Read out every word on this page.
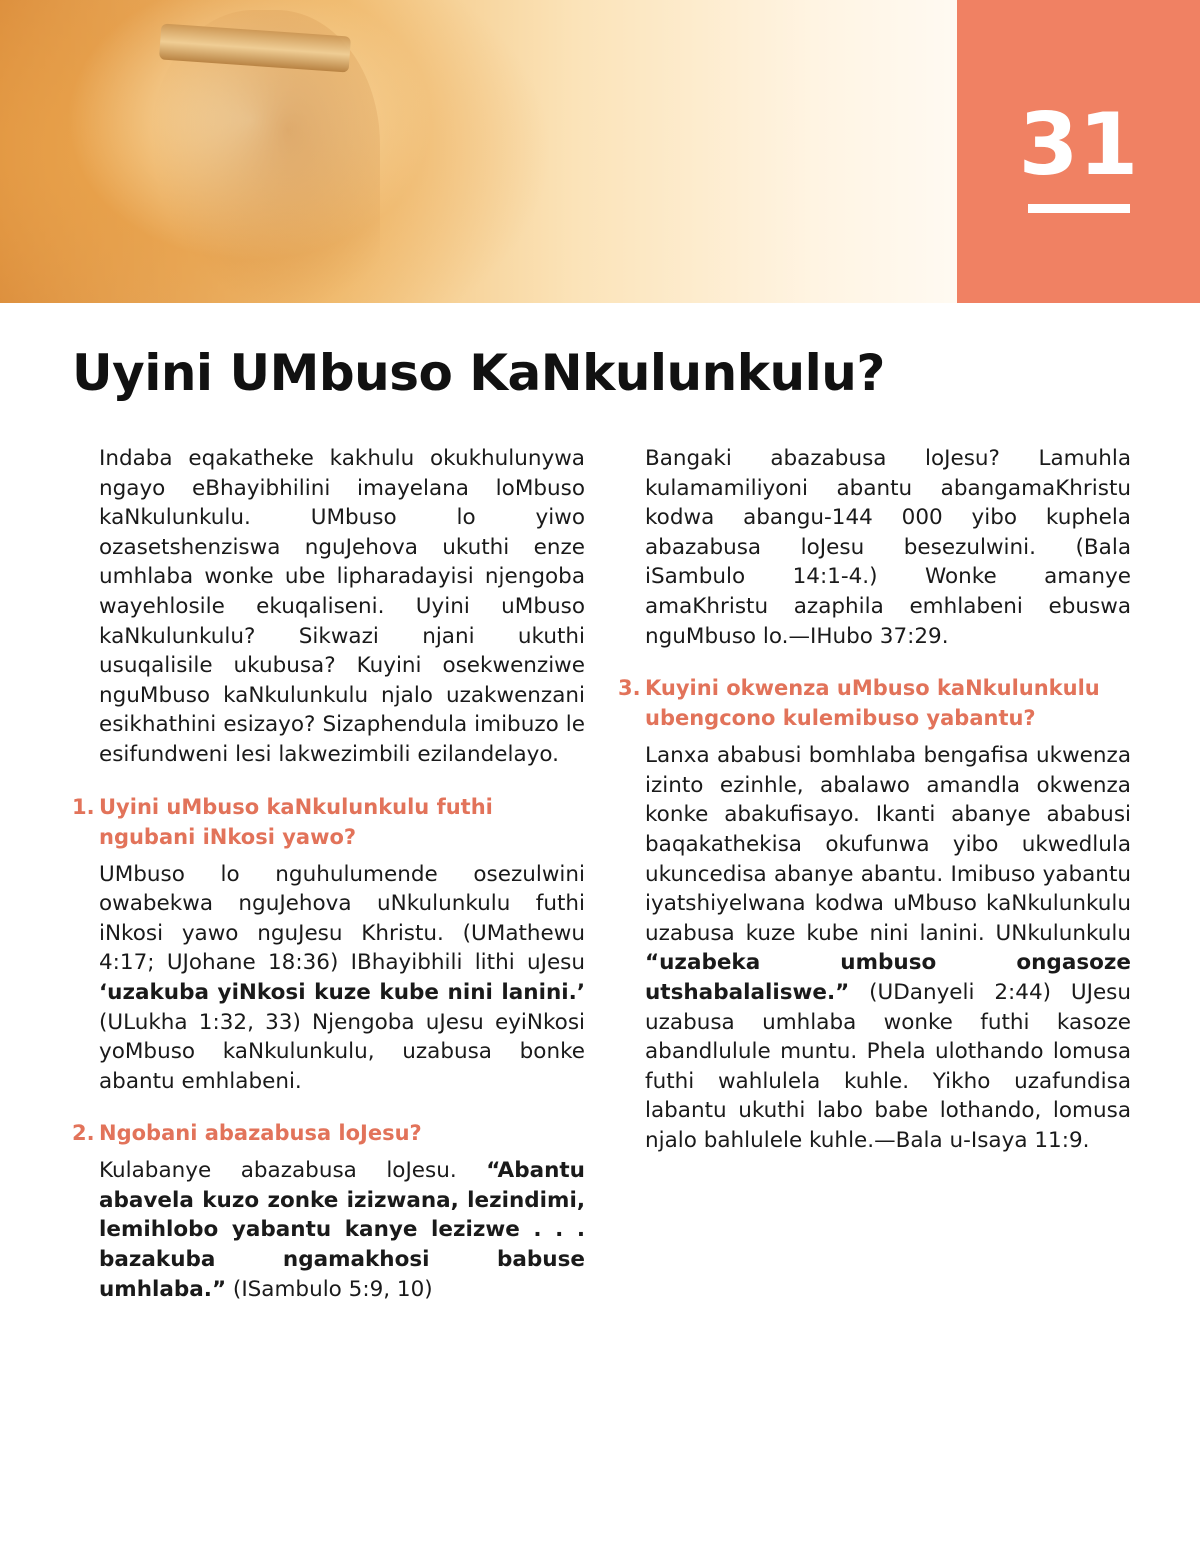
31
Uyini UMbuso KaNkulunkulu?

Indaba eqakatheke kakhulu okukhulunywa ngayo eBhayibhilini imayelana loMbuso kaNkulunkulu. UMbuso lo yiwo ozasetshenziswa nguJehova ukuthi enze umhlaba wonke ube lipharadayisi njengoba wayehlosile ekuqaliseni. Uyini uMbuso kaNkulunkulu? Sikwazi njani ukuthi usuqalisile ukubusa? Kuyini osekwenziwe nguMbuso kaNkulunkulu njalo uzakwenzani esikhathini esizayo? Sizaphendula imibuzo le esifundweni lesi lakwezimbili ezilandelayo.

1. Uyini uMbuso kaNkulunkulu futhi ngubani iNkosi yawo?

UMbuso lo nguhulumende osezulwini owabekwa nguJehova uNkulunkulu futhi iNkosi yawo nguJesu Khristu. (UMathewu 4:17; UJohane 18:36) IBhayibhili lithi uJesu ‘uzakuba yiNkosi kuze kube nini lanini.’ (ULukha 1:32, 33) Njengoba uJesu eyiNkosi yoMbuso kaNkulunkulu, uzabusa bonke abantu emhlabeni.

2. Ngobani abazabusa loJesu?

Kulabanye abazabusa loJesu. “Abantu abavela kuzo zonke izizwana, lezindimi, lemihlobo yabantu kanye lezizwe . . . bazakuba ngamakhosi babuse umhlaba.” (ISambulo 5:9, 10)

Bangaki abazabusa loJesu? Lamuhla kulamamiliyoni abantu abangamaKhristu kodwa abangu-144 000 yibo kuphela abazabusa loJesu besezulwini. (Bala iSambulo 14:1-4.) Wonke amanye amaKhristu azaphila emhlabeni ebuswa nguMbuso lo.—IHubo 37:29.

3. Kuyini okwenza uMbuso kaNkulunkulu ubengcono kulemibuso yabantu?

Lanxa ababusi bomhlaba bengafisa ukwenza izinto ezinhle, abalawo amandla okwenza konke abakufisayo. Ikanti abanye ababusi baqakathekisa okufunwa yibo ukwedlula ukuncedisa abanye abantu. Imibuso yabantu iyatshiyelwana kodwa uMbuso kaNkulunkulu uzabusa kuze kube nini lanini. UNkulunkulu “uzabeka umbuso ongasoze utshabalaliswe.” (UDanyeli 2:44) UJesu uzabusa umhlaba wonke futhi kasoze abandlulule muntu. Phela ulothando lomusa futhi wahlulela kuhle. Yikho uzafundisa labantu ukuthi labo babe lothando, lomusa njalo bahlulele kuhle.—Bala u-Isaya 11:9.
